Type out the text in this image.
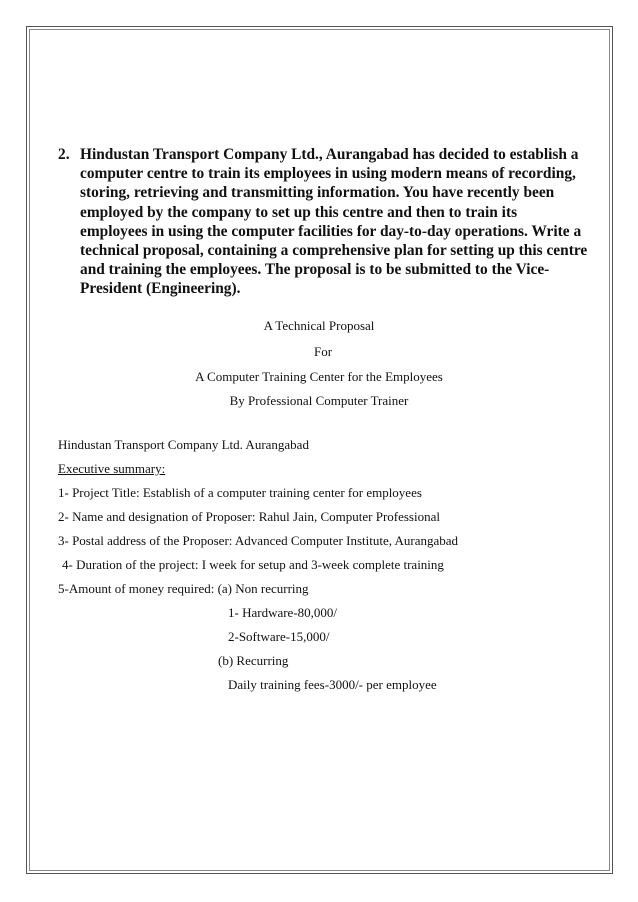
2. Hindustan Transport Company Ltd., Aurangabad has decided to establish a computer centre to train its employees in using modern means of recording, storing, retrieving and transmitting information. You have recently been employed by the company to set up this centre and then to train its employees in using the computer facilities for day-to-day operations. Write a technical proposal, containing a comprehensive plan for setting up this centre and training the employees. The proposal is to be submitted to the Vice- President (Engineering).
A Technical Proposal
For
A Computer Training Center for the Employees
By Professional Computer Trainer
Hindustan Transport Company Ltd. Aurangabad
Executive summary:
1- Project Title: Establish of a computer training center for employees
2- Name and designation of Proposer: Rahul Jain, Computer Professional
3- Postal address of the Proposer: Advanced Computer Institute, Aurangabad
4- Duration of the project: I week for setup and 3-week complete training
5-Amount of money required: (a) Non recurring
1- Hardware-80,000/
2-Software-15,000/
(b) Recurring
Daily training fees-3000/- per employee
